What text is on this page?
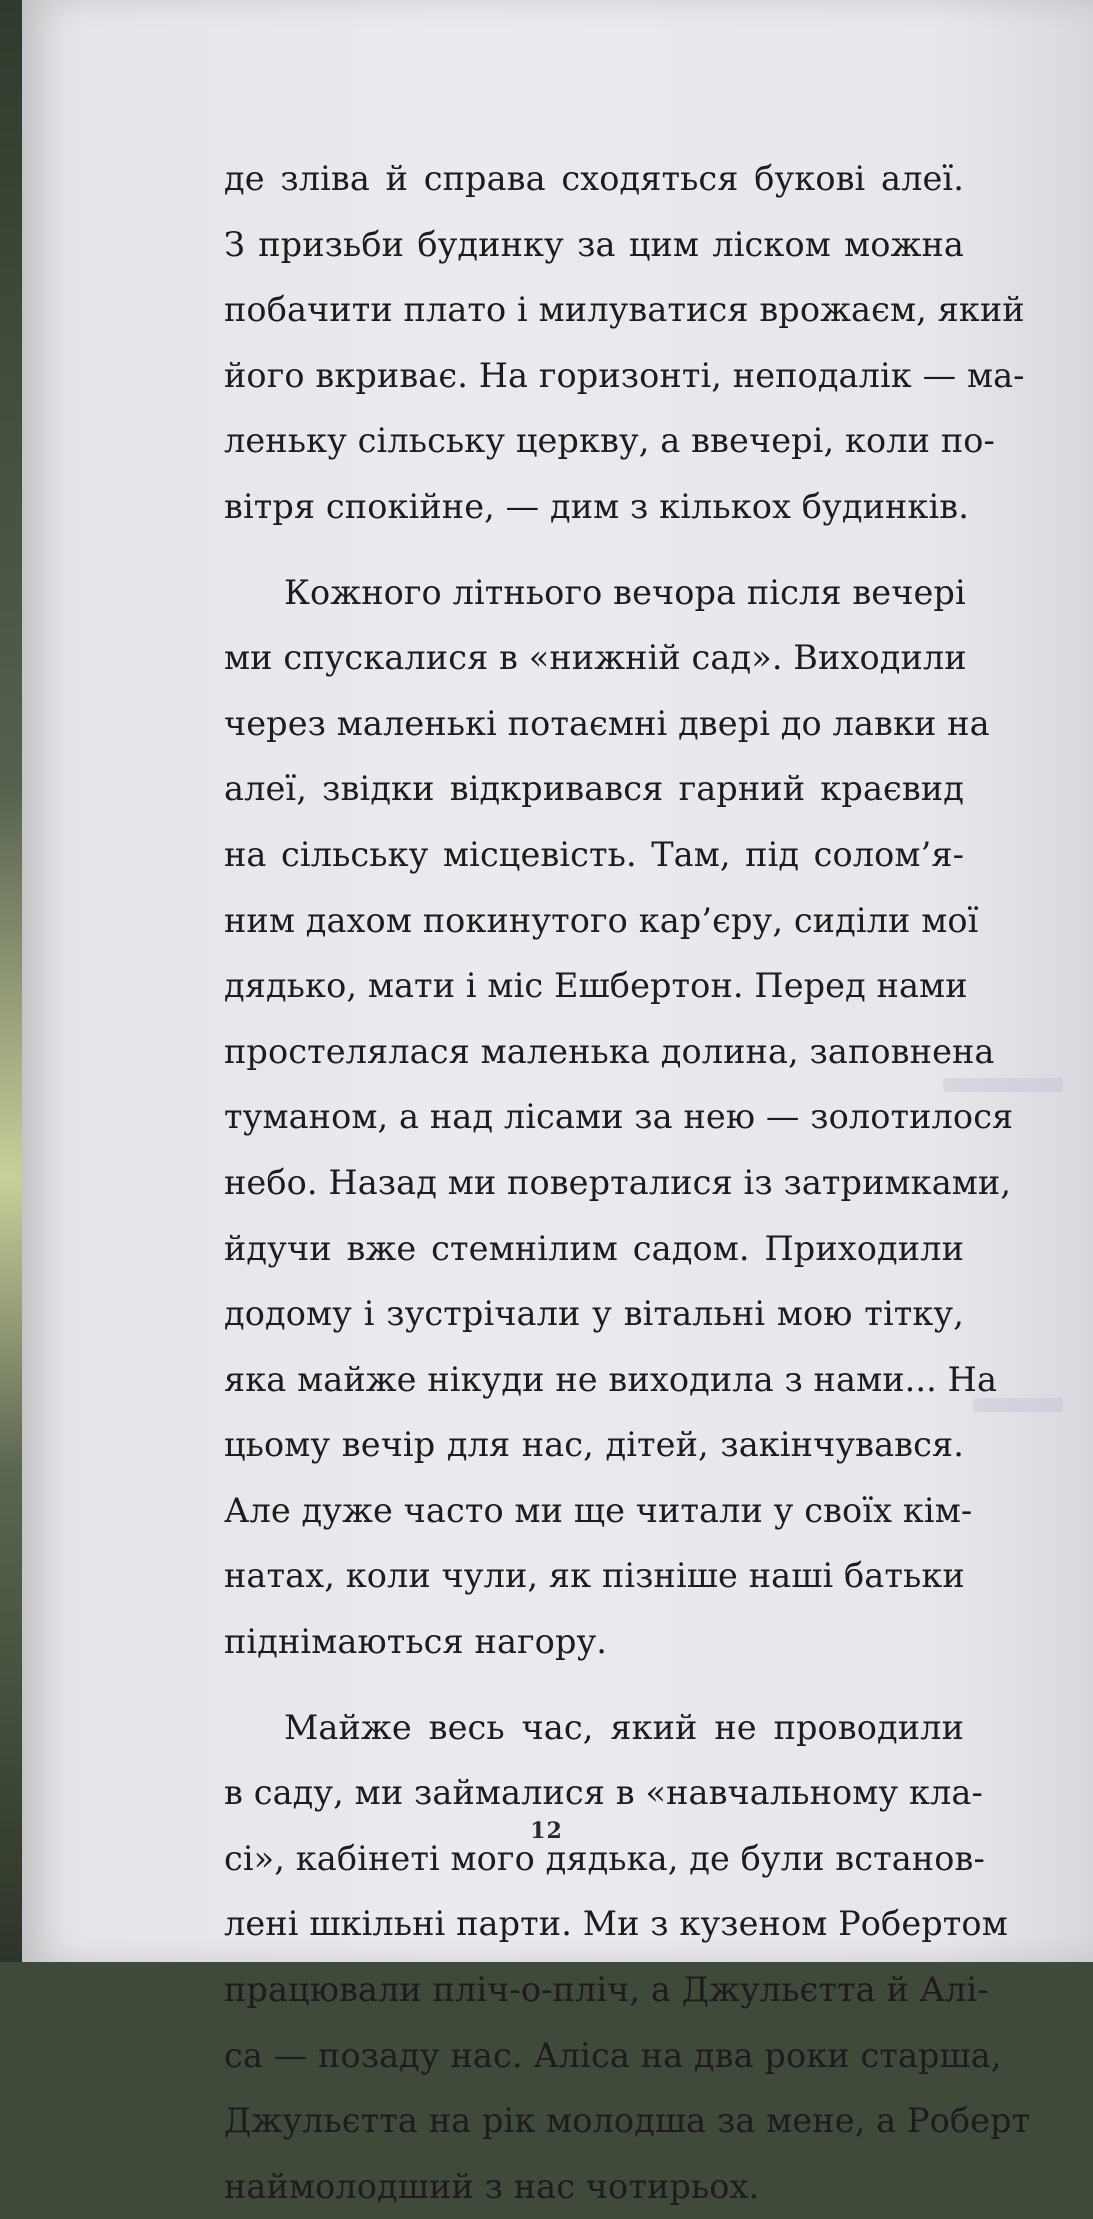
де зліва й справа сходяться букові алеї.
З призьби будинку за цим ліском можна
побачити плато і милуватися врожаєм, який
його вкриває. На горизонті, неподалік — ма-
леньку сільську церкву, а ввечері, коли по-
вітря спокійне, — дим з кількох будинків.
Кожного літнього вечора після вечері
ми спускалися в «нижній сад». Виходили
через маленькі потаємні двері до лавки на
алеї, звідки відкривався гарний краєвид
на сільську місцевість. Там, під солом’я-
ним дахом покинутого кар’єру, сиділи мої
дядько, мати і міс Ешбертон. Перед нами
простелялася маленька долина, заповнена
туманом, а над лісами за нею — золотилося
небо. Назад ми поверталися із затримками,
йдучи вже стемнілим садом. Приходили
додому і зустрічали у вітальні мою тітку,
яка майже нікуди не виходила з нами... На
цьому вечір для нас, дітей, закінчувався.
Але дуже часто ми ще читали у своїх кім-
натах, коли чули, як пізніше наші батьки
піднімаються нагору.
Майже весь час, який не проводили
в саду, ми займалися в «навчальному кла-
сі», кабінеті мого дядька, де були встанов-
лені шкільні парти. Ми з кузеном Робертом
працювали пліч-о-пліч, а Джульєтта й Алі-
са — позаду нас. Аліса на два роки старша,
Джульєтта на рік молодша за мене, а Роберт
наймолодший з нас чотирьох.
12
